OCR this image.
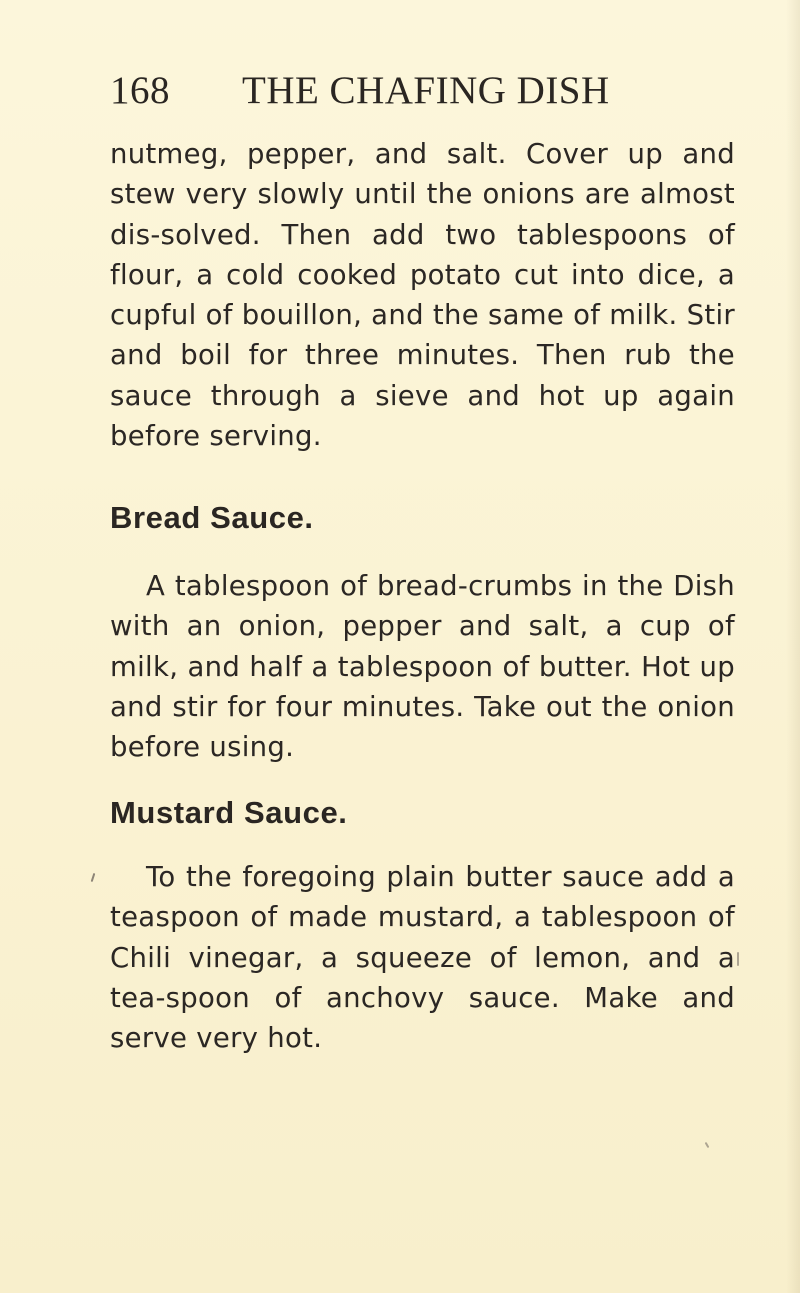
168 THE CHAFING DISH
nutmeg, pepper, and salt. Cover up and stew very slowly until the onions are almost dis-solved. Then add two tablespoons of flour, a cold cooked potato cut into dice, a cupful of bouillon, and the same of milk. Stir and boil for three minutes. Then rub the sauce through a sieve and hot up again before serving.
Bread Sauce.
A tablespoon of bread-crumbs in the Dish with an onion, pepper and salt, a cup of milk, and half a tablespoon of butter. Hot up and stir for four minutes. Take out the onion before using.
Mustard Sauce.
To the foregoing plain butter sauce add a teaspoon of made mustard, a tablespoon of Chili vinegar, a squeeze of lemon, and a tea-spoon of anchovy sauce. Make and serve very hot.
